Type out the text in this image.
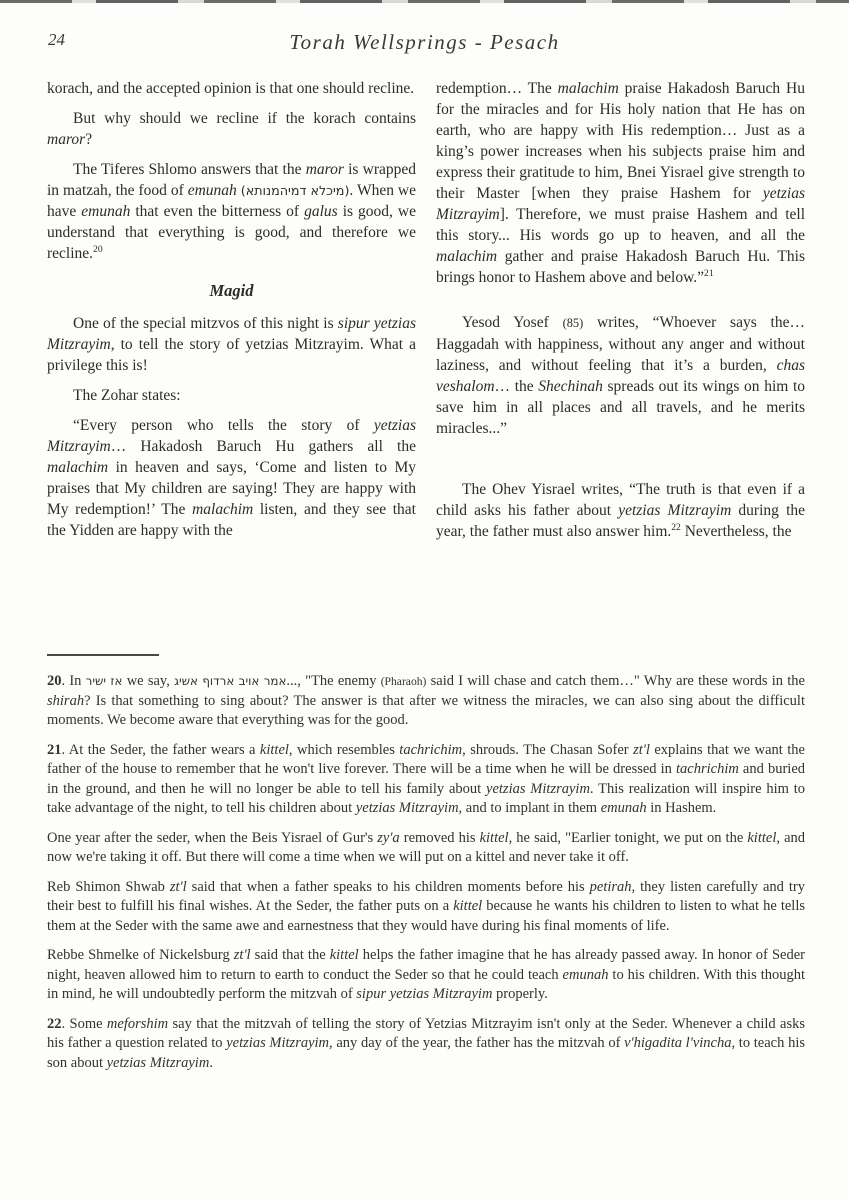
24	Torah Wellsprings - Pesach

korach, and the accepted opinion is that one should recline.

But why should we recline if the korach contains maror?

The Tiferes Shlomo answers that the maror is wrapped in matzah, the food of emunah (מיכלא דמיהמנותא). When we have emunah that even the bitterness of galus is good, we understand that everything is good, and therefore we recline.$^{20}$

Magid

One of the special mitzvos of this night is sipur yetzias Mitzrayim, to tell the story of yetzias Mitzrayim. What a privilege this is!

The Zohar states:

“Every person who tells the story of yetzias Mitzrayim… Hakadosh Baruch Hu gathers all the malachim in heaven and says, ‘Come and listen to My praises that My children are saying! They are happy with My redemption!’ The malachim listen, and they see that the Yidden are happy with the

redemption… The malachim praise Hakadosh Baruch Hu for the miracles and for His holy nation that He has on earth, who are happy with His redemption… Just as a king’s power increases when his subjects praise him and express their gratitude to him, Bnei Yisrael give strength to their Master [when they praise Hashem for yetzias Mitzrayim]. Therefore, we must praise Hashem and tell this story... His words go up to heaven, and all the malachim gather and praise Hakadosh Baruch Hu. This brings honor to Hashem above and below.”$^{21}$

Yesod Yosef (85) writes, “Whoever says the… Haggadah with happiness, without any anger and without laziness, and without feeling that it’s a burden, chas veshalom… the Shechinah spreads out its wings on him to save him in all places and all travels, and he merits miracles...”

The Ohev Yisrael writes, “The truth is that even if a child asks his father about yetzias Mitzrayim during the year, the father must also answer him.$^{22}$ Nevertheless, the

20. In אז ישיר we say, אמר אויב ארדוף אשיג..., "The enemy (Pharaoh) said I will chase and catch them…" Why are these words in the shirah? Is that something to sing about? The answer is that after we witness the miracles, we can also sing about the difficult moments. We become aware that everything was for the good.

21. At the Seder, the father wears a kittel, which resembles tachrichim, shrouds. The Chasan Sofer zt'l explains that we want the father of the house to remember that he won't live forever. There will be a time when he will be dressed in tachrichim and buried in the ground, and then he will no longer be able to tell his family about yetzias Mitzrayim. This realization will inspire him to take advantage of the night, to tell his children about yetzias Mitzrayim, and to implant in them emunah in Hashem.

One year after the seder, when the Beis Yisrael of Gur's zy'a removed his kittel, he said, "Earlier tonight, we put on the kittel, and now we're taking it off. But there will come a time when we will put on a kittel and never take it off.

Reb Shimon Shwab zt'l said that when a father speaks to his children moments before his petirah, they listen carefully and try their best to fulfill his final wishes. At the Seder, the father puts on a kittel because he wants his children to listen to what he tells them at the Seder with the same awe and earnestness that they would have during his final moments of life.

Rebbe Shmelke of Nickelsburg zt'l said that the kittel helps the father imagine that he has already passed away. In honor of Seder night, heaven allowed him to return to earth to conduct the Seder so that he could teach emunah to his children. With this thought in mind, he will undoubtedly perform the mitzvah of sipur yetzias Mitzrayim properly.

22. Some meforshim say that the mitzvah of telling the story of Yetzias Mitzrayim isn't only at the Seder. Whenever a child asks his father a question related to yetzias Mitzrayim, any day of the year, the father has the mitzvah of v'higadita l'vincha, to teach his son about yetzias Mitzrayim.
